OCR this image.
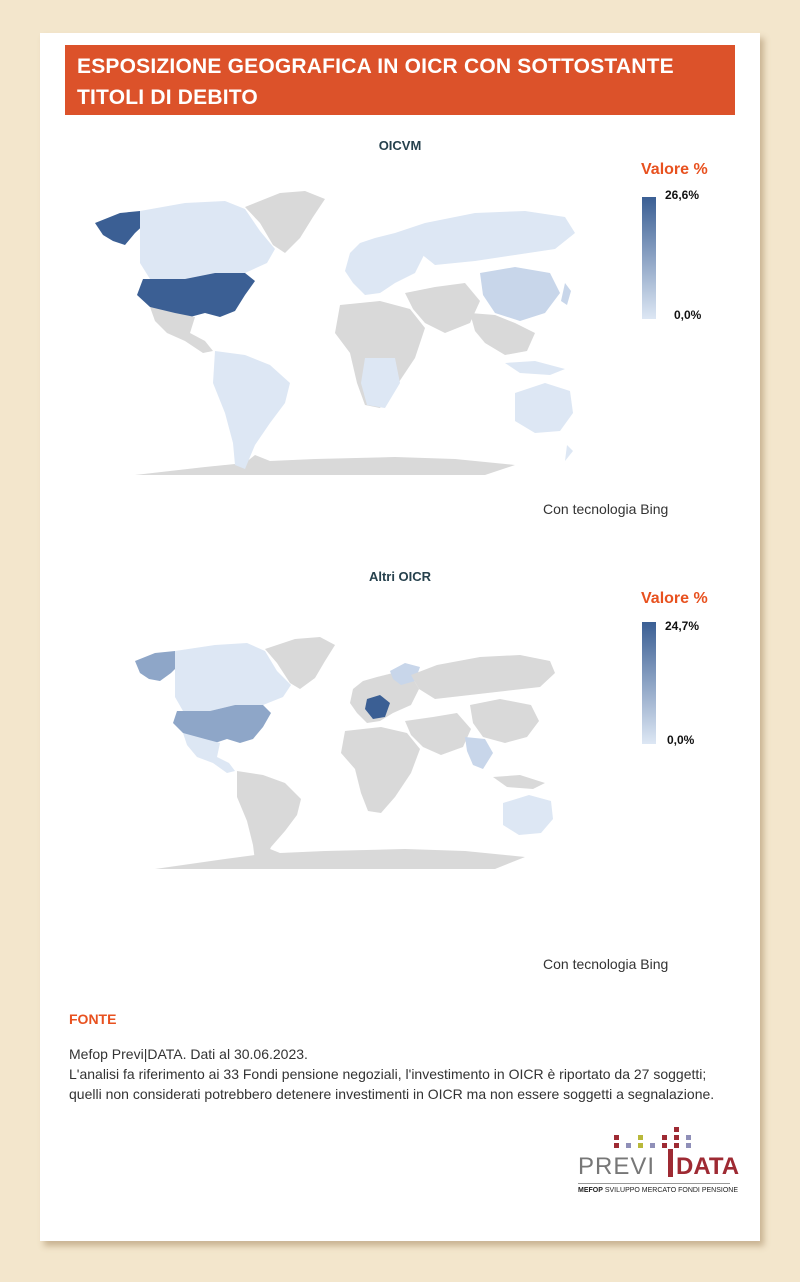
ESPOSIZIONE GEOGRAFICA IN OICR CON SOTTOSTANTE TITOLI DI DEBITO
OICVM
Valore %
26,6%
0,0%
Con tecnologia Bing
Altri OICR
Valore %
24,7%
0,0%
Con tecnologia Bing
FONTE

Mefop Previ|DATA. Dati al 30.06.2023.

L'analisi fa riferimento ai 33 Fondi pensione negoziali, l'investimento in OICR è riportato da 27 soggetti; quelli non considerati potrebbero detenere investimenti in OICR ma non essere soggetti a segnalazione.

PREVI DATA
MEFOP SVILUPPO MERCATO FONDI PENSIONE
